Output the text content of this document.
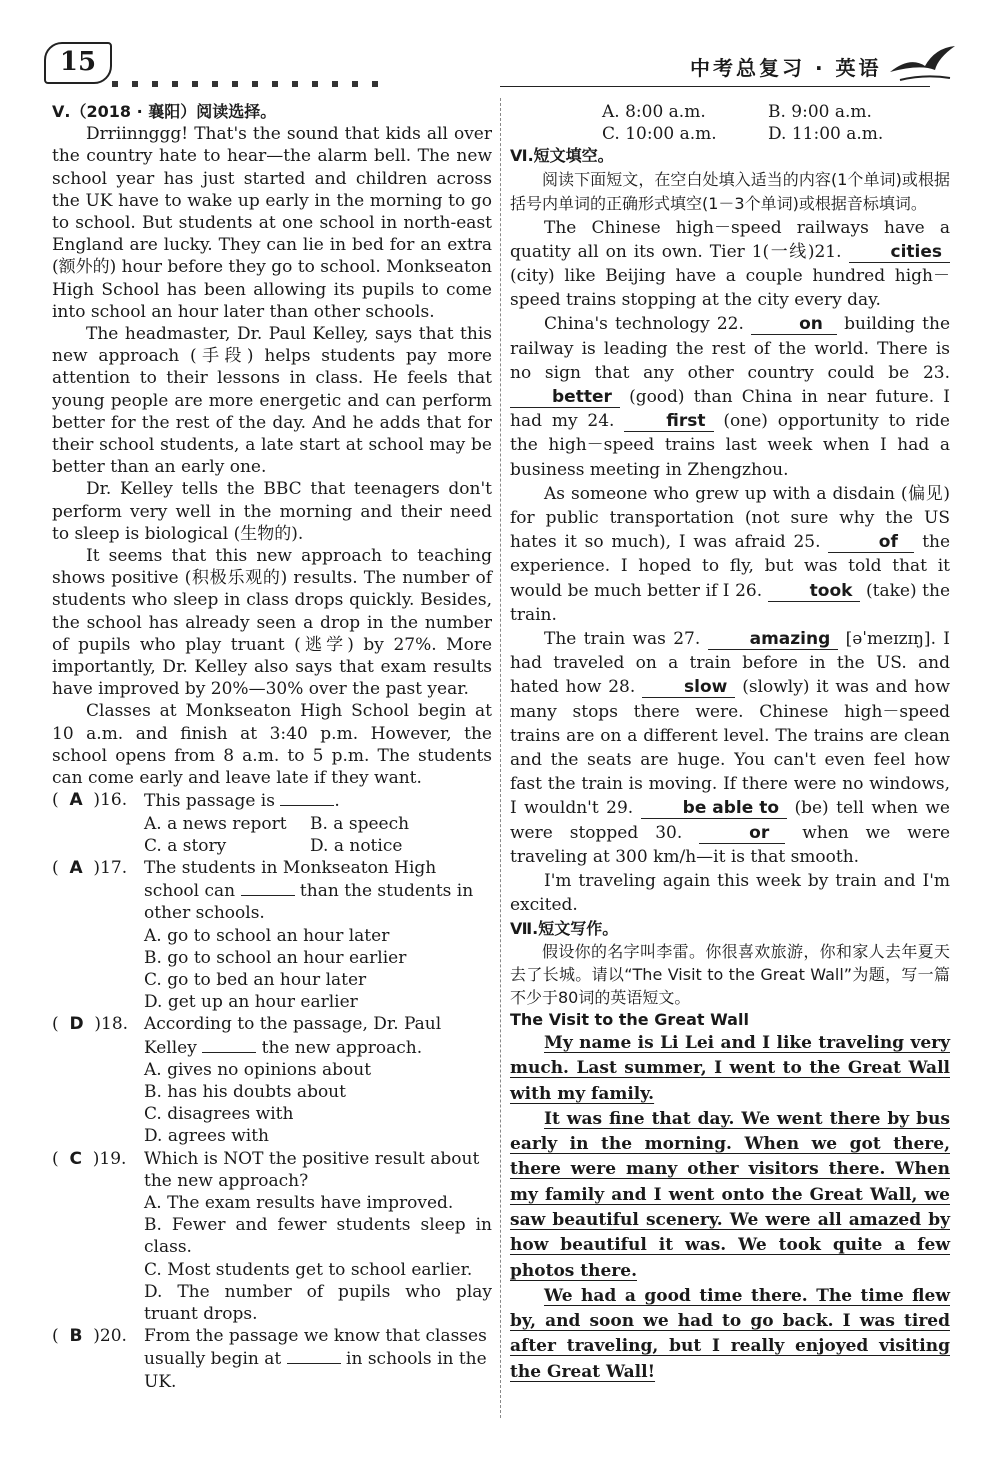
15	中考总复习 · 英语

Ⅴ.（2018 · 襄阳）阅读选择。

Drriinnggg! That's the sound that kids all over the country hate to hear—the alarm bell. The new school year has just started and children across the UK have to wake up early in the morning to go to school. But students at one school in north-east England are lucky. They can lie in bed for an extra (额外的) hour before they go to school. Monkseaton High School has been allowing its pupils to come into school an hour later than other schools.

The headmaster, Dr. Paul Kelley, says that this new approach (手段) helps students pay more attention to their lessons in class. He feels that young people are more energetic and can perform better for the rest of the day. And he adds that for their school students, a late start at school may be better than an early one.

Dr. Kelley tells the BBC that teenagers don't perform very well in the morning and their need to sleep is biological (生物的).

It seems that this new approach to teaching shows positive (积极乐观的) results. The number of students who sleep in class drops quickly. Besides, the school has already seen a drop in the number of pupils who play truant (逃学) by 27%. More importantly, Dr. Kelley also says that exam results have improved by 20%—30% over the past year.

Classes at Monkseaton High School begin at 10 a.m. and finish at 3:40 p.m. However, the school opens from 8 a.m. to 5 p.m. The students can come early and leave late if they want.

(  A  )16. This passage is	.
A. a news report	B. a speech
C. a story	D. a notice
(  A  )17. The students in Monkseaton High school can	than the students in other schools.

A. go to school an hour later

B. go to school an hour earlier

C. go to bed an hour later

D. get up an hour earlier

(  D  )18. According to the passage, Dr. Paul Kelley	the new approach.

A. gives no opinions about

B. has his doubts about

C. disagrees with

D. agrees with

(  C  )19. Which is NOT the positive result about the new approach?

A. The exam results have improved.

B. Fewer and fewer students sleep in class.

C. Most students get to school earlier.

D. The number of pupils who play truant drops.

(  B  )20. From the passage we know that classes usually begin at	in schools in the UK.
A. 8:00 a.m.	B. 9:00 a.m.
C. 10:00 a.m.	D. 11:00 a.m.

Ⅵ.短文填空。

阅读下面短文，在空白处填入适当的内容(1个单词)或根据括号内单词的正确形式填空(1－3个单词)或根据音标填词。

The Chinese high－speed railways have a quatity all on its own. Tier 1(一线)21.	cities (city) like Beijing have a couple hundred high－speed trains stopping at the city every day.

China's technology 22.	on building the railway is leading the rest of the world. There is no sign that any other country could be 23. better (good) than China in near future. I had my 24.	first (one) opportunity to ride the high－speed trains last week when I had a business meeting in Zhengzhou.

As someone who grew up with a disdain (偏见) for public transportation (not sure why the US hates it so much), I was afraid 25.	of the experience. I hoped to fly, but was told that it would be much better if I 26.	took (take) the train.

The train was 27.	amazing [əˈmeɪzɪŋ]. I had traveled on a train before in the US. and hated how 28.	slow (slowly) it was and how many stops there were. Chinese high－speed trains are on a different level. The trains are clean and the seats are huge. You can't even feel how fast the train is moving. If there were no windows, I wouldn't 29.	be able to (be) tell when we were stopped 30.	or when we were traveling at 300 km/h—it is that smooth.

I'm traveling again this week by train and I'm excited.

Ⅶ.短文写作。

假设你的名字叫李雷。你很喜欢旅游，你和家人去年夏天去了长城。请以“The Visit to the Great Wall”为题，写一篇不少于80词的英语短文。

The Visit to the Great Wall

My name is Li Lei and I like traveling very much. Last summer, I went to the Great Wall with my family.

It was fine that day. We went there by bus early in the morning. When we got there, there were many other visitors there. When my family and I went onto the Great Wall, we saw beautiful scenery. We were all amazed by how beautiful it was. We took quite a few photos there.

We had a good time there. The time flew by, and soon we had to go back. I was tired after traveling, but I really enjoyed visiting the Great Wall!
